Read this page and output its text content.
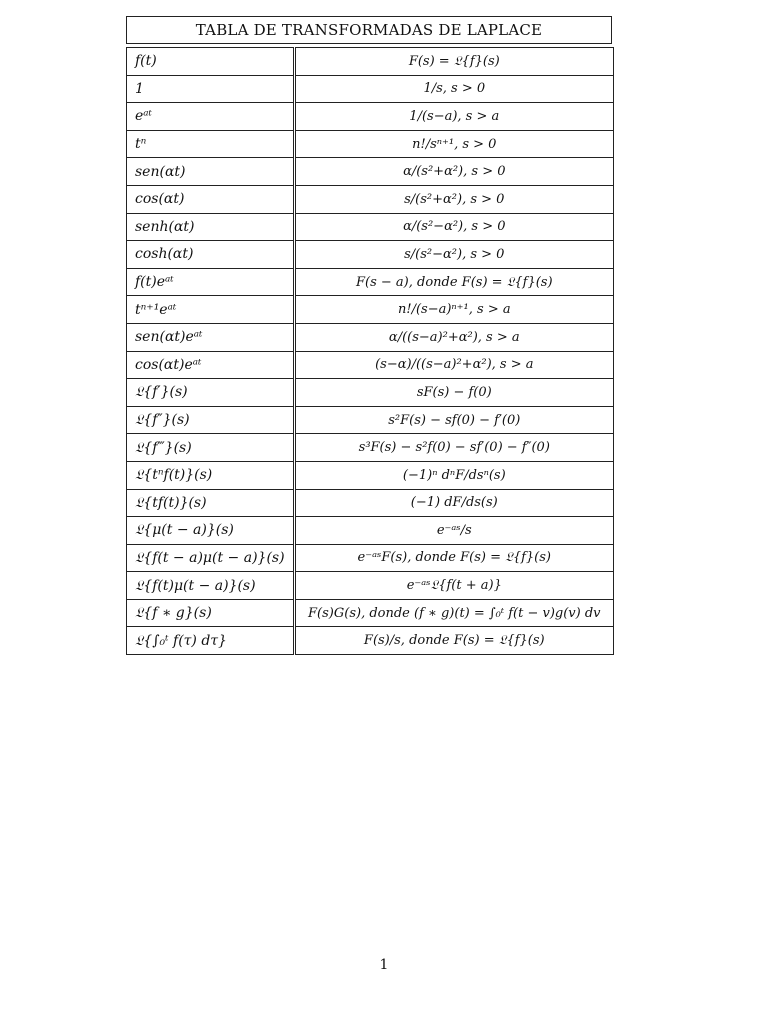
TABLA DE TRANSFORMADAS DE LAPLACE
f(t)	F(s) = 𝔏{f}(s)
1	1/s, s > 0
eᵃᵗ	1/(s−a), s > a
tⁿ	n!/sⁿ⁺¹, s > 0
sen(αt)	α/(s²+α²), s > 0
cos(αt)	s/(s²+α²), s > 0
senh(αt)	α/(s²−α²), s > 0
cosh(αt)	s/(s²−α²), s > 0
f(t)eᵃᵗ	F(s − a), donde F(s) = 𝔏{f}(s)
tⁿ⁺¹eᵃᵗ	n!/(s−a)ⁿ⁺¹, s > a
sen(αt)eᵃᵗ	α/((s−a)²+α²), s > a
cos(αt)eᵃᵗ	(s−α)/((s−a)²+α²), s > a
𝔏{f′}(s)	sF(s) − f(0)
𝔏{f″}(s)	s²F(s) − sf(0) − f′(0)
𝔏{f‴}(s)	s³F(s) − s²f(0) − sf′(0) − f″(0)
𝔏{tⁿf(t)}(s)	(−1)ⁿ dⁿF/dsⁿ(s)
𝔏{tf(t)}(s)	(−1) dF/ds(s)
𝔏{μ(t − a)}(s)	e⁻ᵃˢ/s
𝔏{f(t − a)μ(t − a)}(s)	e⁻ᵃˢF(s), donde F(s) = 𝔏{f}(s)
𝔏{f(t)μ(t − a)}(s)	e⁻ᵃˢ𝔏{f(t + a)}
𝔏{f ∗ g}(s)	F(s)G(s), donde (f ∗ g)(t) = ∫₀ᵗ f(t − v)g(v) dv
𝔏{∫₀ᵗ f(τ) dτ}	F(s)/s, donde F(s) = 𝔏{f}(s)
1
